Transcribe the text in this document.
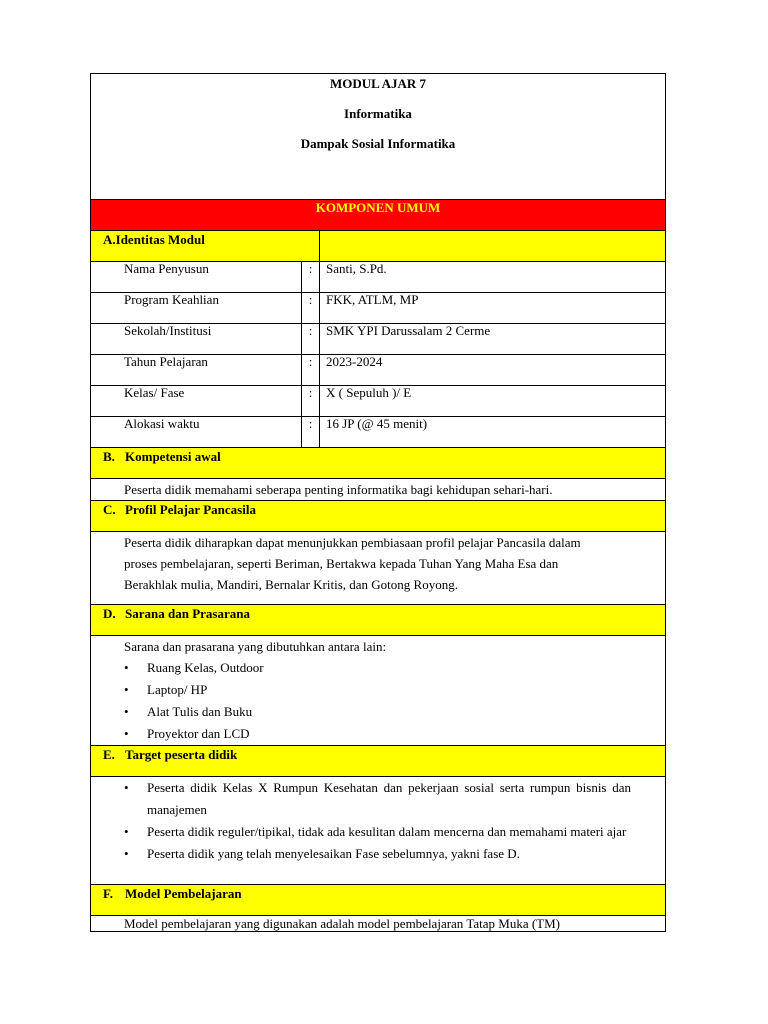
MODUL AJAR 7
Informatika
Dampak Sosial Informatika
KOMPONEN UMUM
A.Identitas Modul
Nama Penyusun	:	Santi, S.Pd.
Program Keahlian	:	FKK, ATLM, MP
Sekolah/Institusi	:	SMK YPI Darussalam 2 Cerme
Tahun Pelajaran	:	2023-2024
Kelas/ Fase	:	X ( Sepuluh )/ E
Alokasi waktu	:	16 JP (@ 45 menit)
B. Kompetensi awal
Peserta didik memahami seberapa penting informatika bagi kehidupan sehari-hari.
C. Profil Pelajar Pancasila
Peserta didik diharapkan dapat menunjukkan pembiasaan profil pelajar Pancasila dalam
proses pembelajaran, seperti Beriman, Bertakwa kepada Tuhan Yang Maha Esa dan
Berakhlak mulia, Mandiri, Bernalar Kritis, dan Gotong Royong.
D. Sarana dan Prasarana
Sarana dan prasarana yang dibutuhkan antara lain:
• Ruang Kelas, Outdoor
• Laptop/ HP
• Alat Tulis dan Buku
• Proyektor dan LCD
E. Target peserta didik
• Peserta didik Kelas X Rumpun Kesehatan dan pekerjaan sosial serta rumpun bisnis dan manajemen
• Peserta didik reguler/tipikal, tidak ada kesulitan dalam mencerna dan memahami materi ajar
• Peserta didik yang telah menyelesaikan Fase sebelumnya, yakni fase D.
F. Model Pembelajaran
Model pembelajaran yang digunakan adalah model pembelajaran Tatap Muka (TM)
